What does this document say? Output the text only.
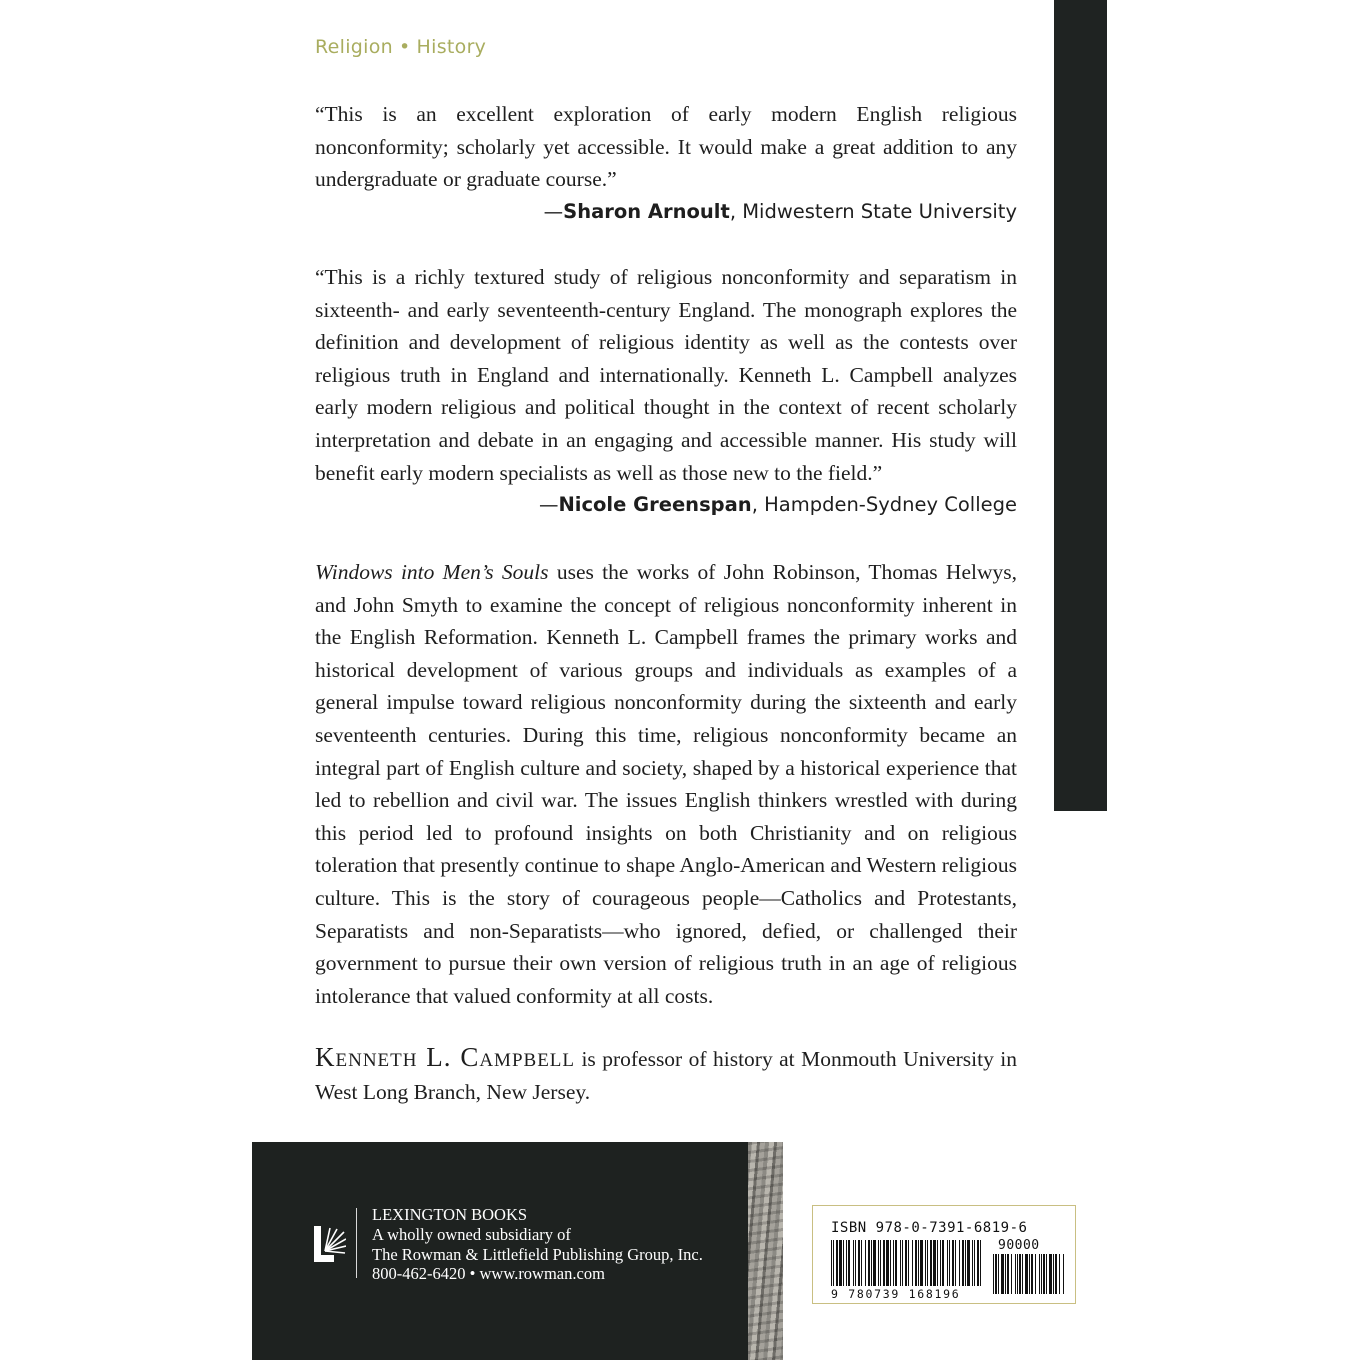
Religion • History

“This is an excellent exploration of early modern English religious nonconformity; scholarly yet accessible. It would make a great addition to any undergraduate or graduate course.”

—Sharon Arnoult, Midwestern State University

“This is a richly textured study of religious nonconformity and separatism in sixteenth- and early seventeenth-century England. The monograph explores the definition and development of religious identity as well as the contests over religious truth in England and internationally. Kenneth L. Campbell analyzes early modern religious and political thought in the context of recent scholarly interpretation and debate in an engaging and accessible manner. His study will benefit early modern specialists as well as those new to the field.”

—Nicole Greenspan, Hampden-Sydney College

Windows into Men’s Souls uses the works of John Robinson, Thomas Helwys, and John Smyth to examine the concept of religious nonconformity inherent in the English Reformation. Kenneth L. Campbell frames the primary works and historical development of various groups and individuals as examples of a general impulse toward religious nonconformity during the sixteenth and early seventeenth centuries. During this time, religious nonconformity became an integral part of English culture and society, shaped by a historical experience that led to rebellion and civil war. The issues English thinkers wrestled with during this period led to profound insights on both Christianity and on religious toleration that presently continue to shape Anglo-American and Western religious culture. This is the story of courageous people—Catholics and Protestants, Separatists and non-Separatists—who ignored, defied, or challenged their government to pursue their own version of religious truth in an age of religious intolerance that valued conformity at all costs.

Kenneth L. Campbell is professor of history at Monmouth University in West Long Branch, New Jersey.

LEXINGTON BOOKS
A wholly owned subsidiary of
The Rowman & Littlefield Publishing Group, Inc.
800-462-6420 • www.rowman.com
ISBN 978-0-7391-6819-6
90000
9 780739 168196
